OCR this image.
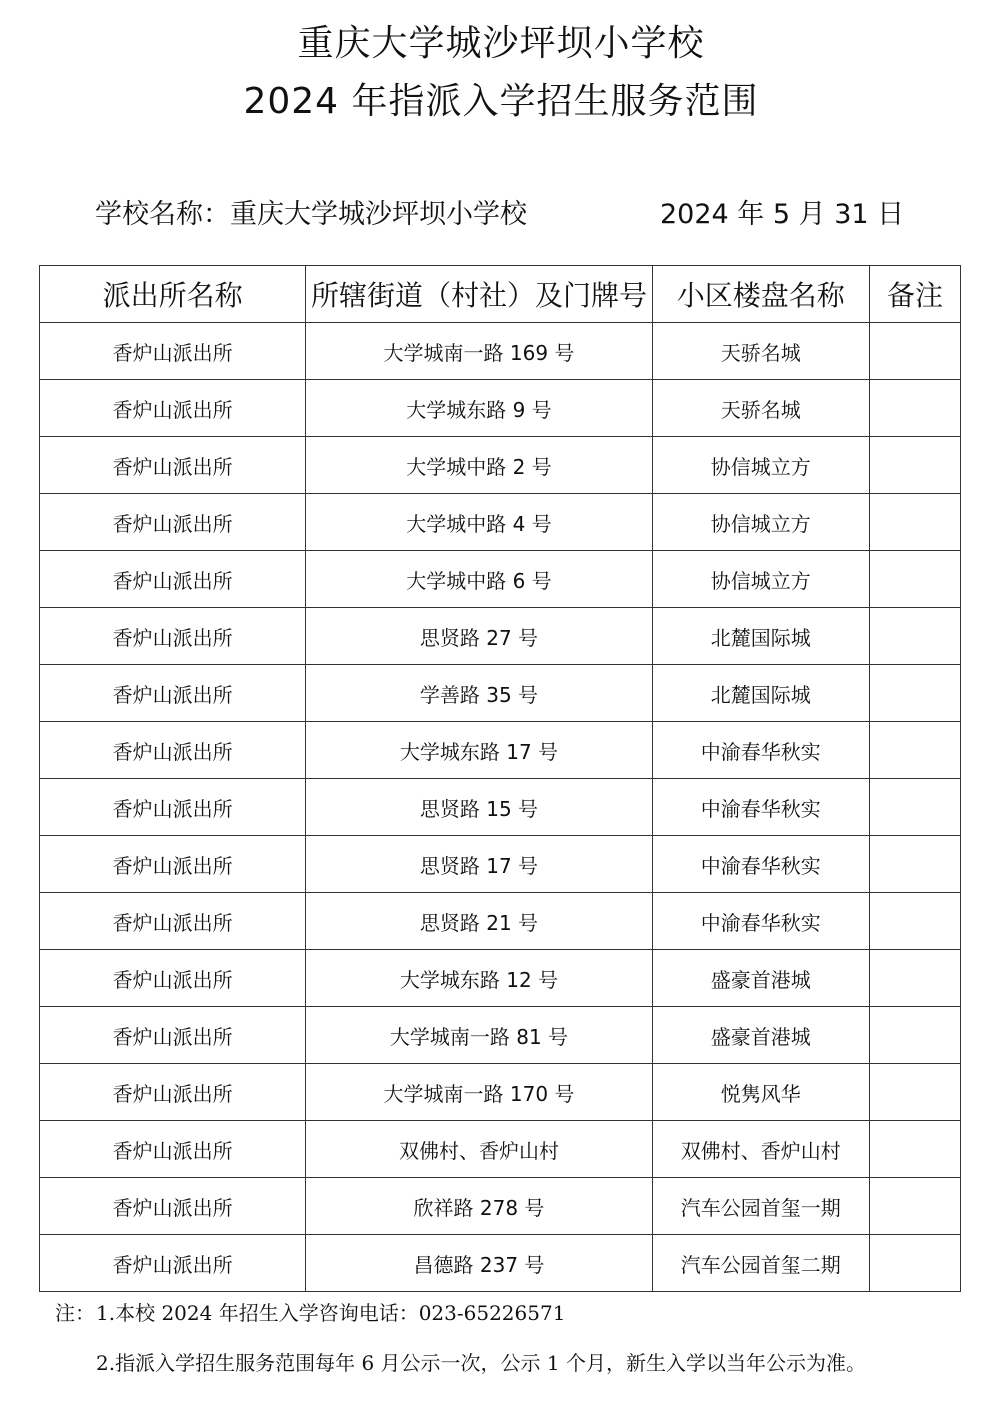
重庆大学城沙坪坝小学校
2024 年指派入学招生服务范围
学校名称：重庆大学城沙坪坝小学校	2024 年 5 月 31 日
派出所名称	所辖街道（村社）及门牌号	小区楼盘名称	备注
香炉山派出所	大学城南一路 169 号	天骄名城	
香炉山派出所	大学城东路 9 号	天骄名城	
香炉山派出所	大学城中路 2 号	协信城立方	
香炉山派出所	大学城中路 4 号	协信城立方	
香炉山派出所	大学城中路 6 号	协信城立方	
香炉山派出所	思贤路 27 号	北麓国际城	
香炉山派出所	学善路 35 号	北麓国际城	
香炉山派出所	大学城东路 17 号	中渝春华秋实	
香炉山派出所	思贤路 15 号	中渝春华秋实	
香炉山派出所	思贤路 17 号	中渝春华秋实	
香炉山派出所	思贤路 21 号	中渝春华秋实	
香炉山派出所	大学城东路 12 号	盛豪首港城	
香炉山派出所	大学城南一路 81 号	盛豪首港城	
香炉山派出所	大学城南一路 170 号	悦隽风华	
香炉山派出所	双佛村、香炉山村	双佛村、香炉山村	
香炉山派出所	欣祥路 278 号	汽车公园首玺一期	
香炉山派出所	昌德路 237 号	汽车公园首玺二期	
注： 1.本校 2024 年招生入学咨询电话：023-65226571
2.指派入学招生服务范围每年 6 月公示一次，公示 1 个月，新生入学以当年公示为准。
